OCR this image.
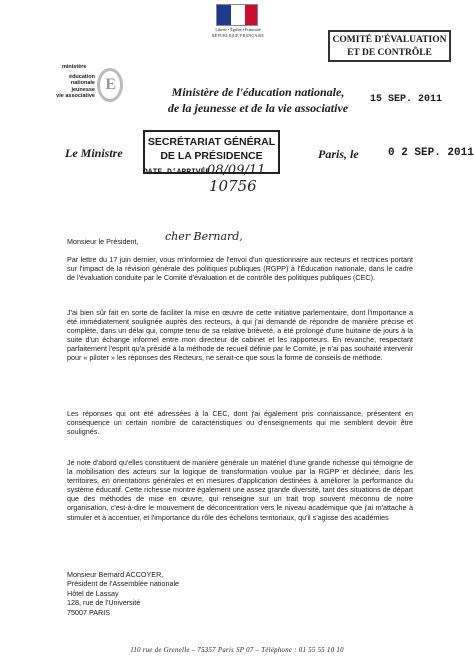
Liberté • Égalité • Fraternité
RÉPUBLIQUE FRANÇAISE	COMITÉ D'ÉVALUATION
ET DE CONTRÔLE
ministère
éducation
nationale
jeunesse
vie associative
E	Ministère de l'éducation nationale,
de la jeunesse et de la vie associative
15 SEP. 2011
Le Ministre
SECRÉTARIAT GÉNÉRAL
DE LA PRÉSIDENCE
DATE D'ARRIVÉE
08/09/11
10756
Paris, le	0 2 SEP. 2011
Monsieur le Président, cher Bernard,
Par lettre du 17 juin dernier, vous m'informiez de l'envoi d'un questionnaire aux recteurs et rectrices portant sur l'impact de la révision générale des politiques publiques (RGPP) à l'Éducation nationale, dans le cadre de l'évaluation conduite par le Comité d'évaluation et de contrôle des politiques publiques (CEC).
J'ai bien sûr fait en sorte de faciliter la mise en œuvre de cette initiative parlementaire, dont l'importance a été immédiatement soulignée auprès des recteurs, à qui j'ai demandé de répondre de manière précise et complète, dans un délai qui, compte tenu de sa relative brièveté, a été prolongé d'une huitaine de jours à la suite d'un échange informel entre mon directeur de cabinet et les rapporteurs. En revanche, respectant parfaitement l'esprit qu'a présidé à la méthode de recueil définie par le Comité, je n'ai pas souhaité intervenir pour « piloter » les réponses des Recteurs, ne serait-ce que sous la forme de conseils de méthode.
Les réponses qui ont été adressées à la CEC, dont j'ai également pris connaissance, présentent en conséquence un certain nombre de caractéristiques ou d'enseignements qui me semblent devoir être soulignés.
Je note d'abord qu'elles constituent de manière générale un matériel d'une grande richesse qui témoigne de la mobilisation des acteurs sur la logique de transformation voulue par la RGPP et déclinée, dans les territoires, en orientations générales et en mesures d'application destinées à améliorer la performance du système éducatif. Cette richesse montre également une assez grande diversité, tant des situations de départ que des méthodes de mise en œuvre, qui renseigne sur un trait trop souvent méconnu de notre organisation, c'est-à-dire le mouvement de déconcentration vers le niveau académique que j'ai m'attache à stimuler et à accentuer, et l'importance du rôle des échelons territoriaux, qu'il s'agisse des académies
Monsieur Bernard ACCOYER,
Président de l'Assemblée nationale
Hôtel de Lassay
128, rue de l'Université
75007 PARIS
110 rue de Grenelle – 75357 Paris SP 07 – Téléphone : 01 55 55 10 10
